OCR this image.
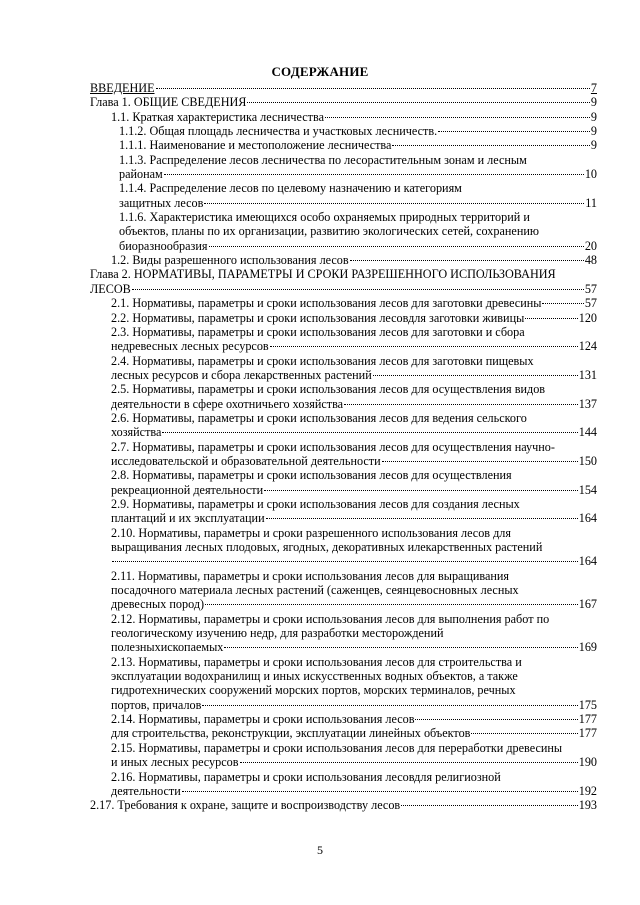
СОДЕРЖАНИЕ
ВВЕДЕНИЕ	7
Глава 1. ОБЩИЕ СВЕДЕНИЯ	9
1.1. Краткая характеристика лесничества	9
1.1.2. Общая площадь лесничества и участковых лесничеств.	9
1.1.1. Наименование и местоположение лесничества	9
1.1.3. Распределение лесов лесничества по лесорастительным зонам и лесным
районам	10
1.1.4. Распределение лесов по целевому назначению и категориям
защитных лесов	11
1.1.6. Характеристика имеющихся особо охраняемых природных территорий и
объектов, планы по их организации, развитию экологических сетей, сохранению
биоразнообразия	20
1.2. Виды разрешенного использования лесов	48
Глава 2. НОРМАТИВЫ, ПАРАМЕТРЫ И СРОКИ РАЗРЕШЕННОГО ИСПОЛЬЗОВАНИЯ
ЛЕСОВ	57
2.1. Нормативы, параметры и сроки использования лесов для заготовки древесины	57
2.2. Нормативы, параметры и сроки использования лесовдля заготовки живицы	120
2.3. Нормативы, параметры и сроки использования лесов для заготовки и сбора
недревесных лесных ресурсов	124
2.4. Нормативы, параметры и сроки использования лесов для заготовки пищевых
лесных ресурсов и сбора лекарственных растений	131
2.5. Нормативы, параметры и сроки использования лесов для осуществления видов
деятельности в сфере охотничьего хозяйства	137
2.6. Нормативы, параметры и сроки использования лесов для ведения сельского
хозяйства	144
2.7. Нормативы, параметры и сроки использования лесов для осуществления научно-
исследовательской и образовательной деятельности	150
2.8. Нормативы, параметры и сроки использования лесов для осуществления
рекреационной деятельности	154
2.9. Нормативы, параметры и сроки использования лесов для создания лесных
плантаций и их эксплуатации	164
2.10. Нормативы, параметры и сроки разрешенного использования лесов для
выращивания лесных плодовых, ягодных, декоративных илекарственных растений
164
2.11. Нормативы, параметры и сроки использования лесов для выращивания
посадочного материала лесных растений (саженцев, сеянцевосновных лесных
древесных пород)	167
2.12. Нормативы, параметры и сроки использования лесов для выполнения работ по
геологическому изучению недр, для разработки месторождений
полезныхископаемых	169
2.13. Нормативы, параметры и сроки использования лесов для строительства и
эксплуатации водохранилищ и иных искусственных водных объектов, а также
гидротехнических сооружений морских портов, морских терминалов, речных
портов, причалов	175
2.14. Нормативы, параметры и сроки использования лесов	177
для строительства, реконструкции, эксплуатации линейных объектов	177
2.15. Нормативы, параметры и сроки использования лесов для переработки древесины
и иных лесных ресурсов	190
2.16. Нормативы, параметры и сроки использования лесовдля религиозной
деятельности	192
2.17. Требования к охране, защите и воспроизводству лесов	193
5
